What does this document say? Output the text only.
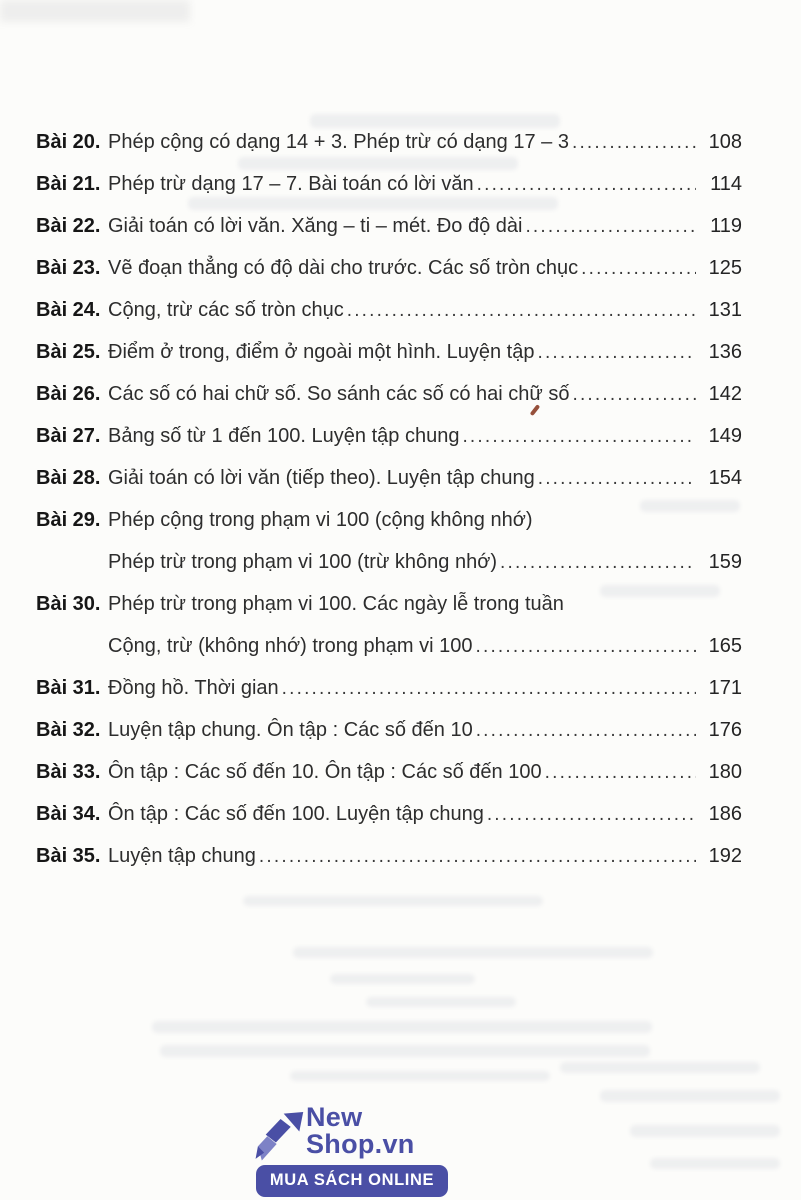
Bài 20. Phép cộng có dạng 14 + 3. Phép trừ có dạng 17 – 3 .....	108
Bài 21. Phép trừ dạng 17 – 7. Bài toán có lời văn .....	114
Bài 22. Giải toán có lời văn. Xăng – ti – mét. Đo độ dài .....	119
Bài 23. Vẽ đoạn thẳng có độ dài cho trước. Các số tròn chục .....	125
Bài 24. Cộng, trừ các số tròn chục .....	131
Bài 25. Điểm ở trong, điểm ở ngoài một hình. Luyện tập .....	136
Bài 26. Các số có hai chữ số. So sánh các số có hai chữ số .....	142
Bài 27. Bảng số từ 1 đến 100. Luyện tập chung .....	149
Bài 28. Giải toán có lời văn (tiếp theo). Luyện tập chung .....	154
Bài 29. Phép cộng trong phạm vi 100 (cộng không nhớ)
Phép trừ trong phạm vi 100 (trừ không nhớ) .....	159
Bài 30. Phép trừ trong phạm vi 100. Các ngày lễ trong tuần
Cộng, trừ (không nhớ) trong phạm vi 100 .....	165
Bài 31. Đồng hồ. Thời gian .....	171
Bài 32. Luyện tập chung. Ôn tập : Các số đến 10 .....	176
Bài 33. Ôn tập : Các số đến 10. Ôn tập : Các số đến 100 .....	180
Bài 34. Ôn tập : Các số đến 100. Luyện tập chung .....	186
Bài 35. Luyện tập chung .....	192
New Shop.vn
MUA SÁCH ONLINE
